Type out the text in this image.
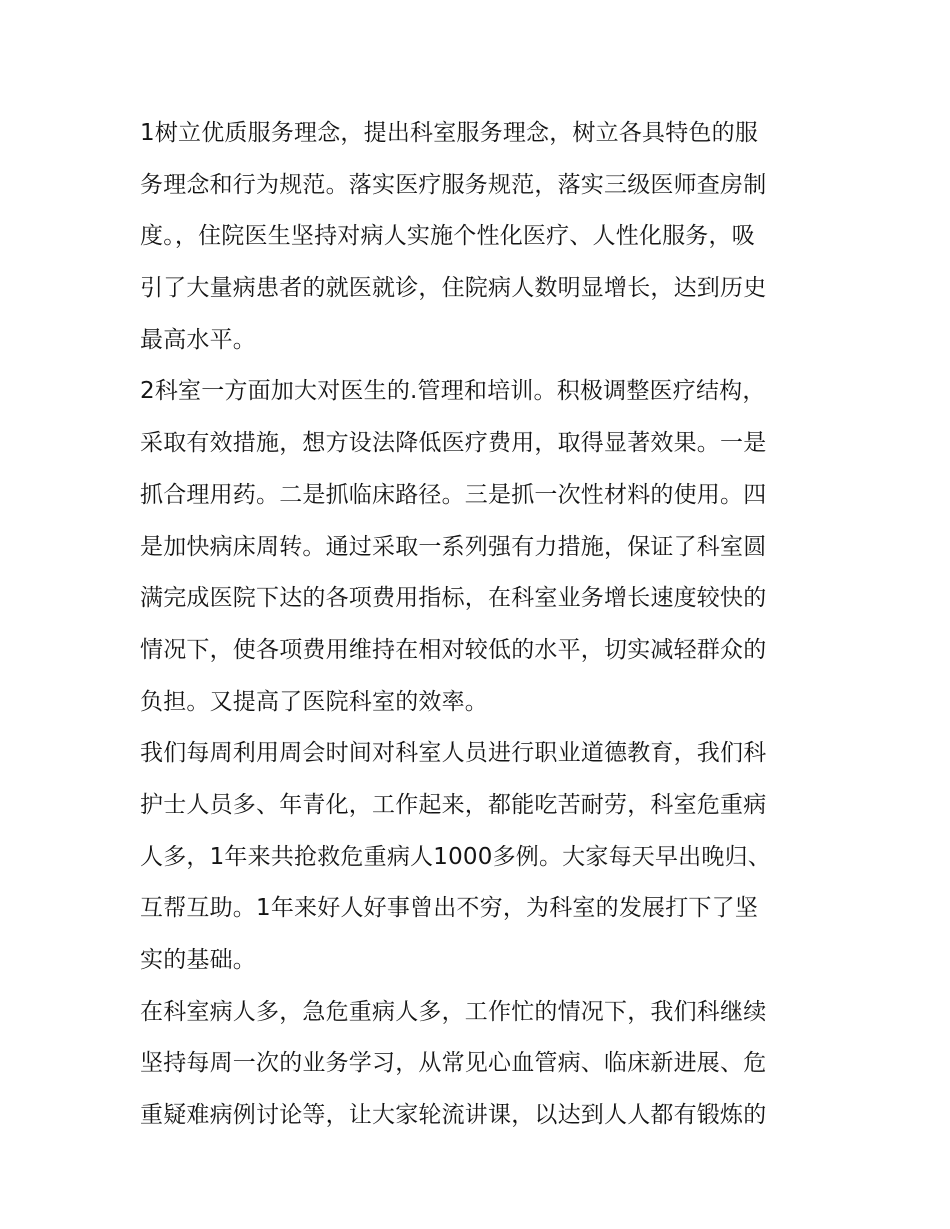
1树立优质服务理念，提出科室服务理念，树立各具特色的服
务理念和行为规范。落实医疗服务规范，落实三级医师查房制
度。，住院医生坚持对病人实施个性化医疗、人性化服务，吸
引了大量病患者的就医就诊，住院病人数明显增长，达到历史
最高水平。
2科室一方面加大对医生的.管理和培训。积极调整医疗结构，
采取有效措施，想方设法降低医疗费用，取得显著效果。一是
抓合理用药。二是抓临床路径。三是抓一次性材料的使用。四
是加快病床周转。通过采取一系列强有力措施，保证了科室圆
满完成医院下达的各项费用指标，在科室业务增长速度较快的
情况下，使各项费用维持在相对较低的水平，切实减轻群众的
负担。又提高了医院科室的效率。
我们每周利用周会时间对科室人员进行职业道德教育，我们科
护士人员多、年青化，工作起来，都能吃苦耐劳，科室危重病
人多，1年来共抢救危重病人1000多例。大家每天早出晚归、
互帮互助。1年来好人好事曾出不穷，为科室的发展打下了坚
实的基础。
在科室病人多，急危重病人多，工作忙的情况下，我们科继续
坚持每周一次的业务学习，从常见心血管病、临床新进展、危
重疑难病例讨论等，让大家轮流讲课，以达到人人都有锻炼的
